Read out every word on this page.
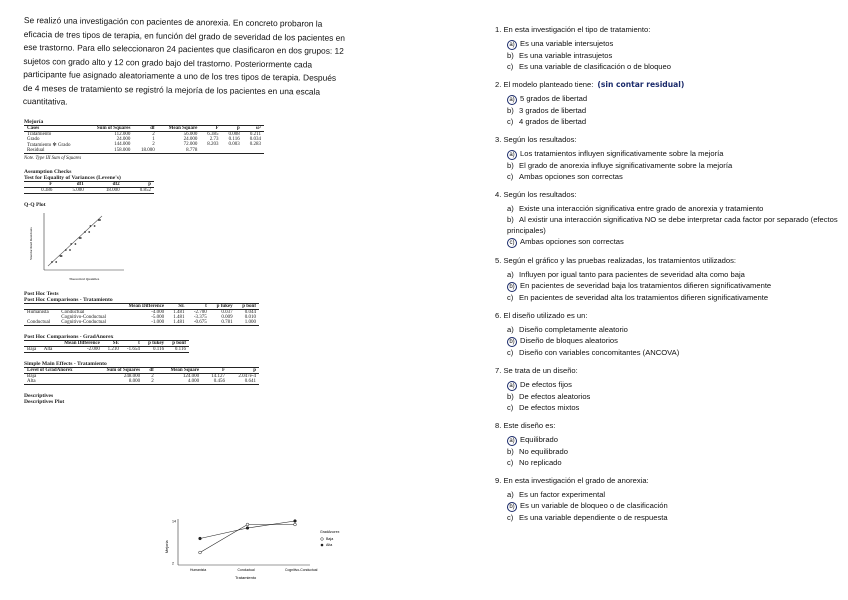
Se realizó una investigación con pacientes de anorexia. En concreto probaron la

eficacia de tres tipos de terapia, en función del grado de severidad de los pacientes en

ese trastorno. Para ello seleccionaron 24 pacientes que clasificaron en dos grupos: 12

sujetos con grado alto y 12 con grado bajo del trastorno. Posteriormente cada

participante fue asignado aleatoriamente a uno de los tres tipos de terapia. Después

de 4 meses de tratamiento se registró la mejoría de los pacientes en una escala

cuantitativa.

Mejoría
Cases	Sum of Squares	df	Mean Square	F	p	ω²
Tratamiento	112.000	2	56.000	6.385	0.008	0.211
Grado	24.000	1	24.000	2.73	0.116	0.034
Tratamiento ✻ Grado	144.000	2	72.000	8.203	0.003	0.283
Residual	158.000	18.000	8.778			
Note. Type III Sum of Squares
Assumption Checks
Test for Equality of Variances (Levene's)
F	df1	df2	p
0.386	5.000	18.000	0.852
Q-Q Plot
Theoretical Quantiles
Standardized Residuals
Post Hoc Tests
Post Hoc Comparisons - Tratamiento
		Mean Difference	SE	t	p tukey	p bonf
Humanista	Conductual	-4.000	1.481	-2.700	0.037	0.044
	Cognitivo-Conductual	-5.000	1.481	-3.375	0.009	0.010
Conductual	Cognitivo-Conductual	-1.000	1.481	-0.675	0.781	1.000
Post Hoc Comparisons - GradAnorex
		Mean Difference	SE	t	p tukey	p bonf
Baja	Alta	-2.000	1.210	-1.654	0.116	0.116
Simple Main Effects - Tratamiento
Level of GradAnorex	Sum of Squares	df	Mean Square	F	p
Baja	248.000	2	124.000	14.127	2.047e-4
Alta	8.000	2	4.000	0.456	0.641
Descriptives
Descriptives Plot
Mejoría
Tratamiento
GradAnorex
Baja
Alta
2
14
Humanista	Conductual	Cognitivo-Conductual
1. En esta investigación el tipo de tratamiento:
a) Es una variable intersujetos
b) Es una variable intrasujetos
c) Es una variable de clasificación o de bloqueo
2. El modelo planteado tiene: (sin contar residual)
a) 5 grados de libertad
b) 3 grados de libertad
c) 4 grados de libertad
3. Según los resultados:
a) Los tratamientos influyen significativamente sobre la mejoría
b) El grado de anorexia influye significativamente sobre la mejoría
c) Ambas opciones son correctas
4. Según los resultados:
a) Existe una interacción significativa entre grado de anorexia y tratamiento
b) Al existir una interacción significativa NO se debe interpretar cada factor por separado (efectos principales)
c) Ambas opciones son correctas
5. Según el gráfico y las pruebas realizadas, los tratamientos utilizados:
a) Influyen por igual tanto para pacientes de severidad alta como baja
b) En pacientes de severidad baja los tratamientos difieren significativamente
c) En pacientes de severidad alta los tratamientos difieren significativamente
6. El diseño utilizado es un:
a) Diseño completamente aleatorio
b) Diseño de bloques aleatorios
c) Diseño con variables concomitantes (ANCOVA)
7. Se trata de un diseño:
a) De efectos fijos
b) De efectos aleatorios
c) De efectos mixtos
8. Este diseño es:
a) Equilibrado
b) No equilibrado
c) No replicado
9. En esta investigación el grado de anorexia:
a) Es un factor experimental
b) Es un variable de bloqueo o de clasificación
c) Es una variable dependiente o de respuesta
